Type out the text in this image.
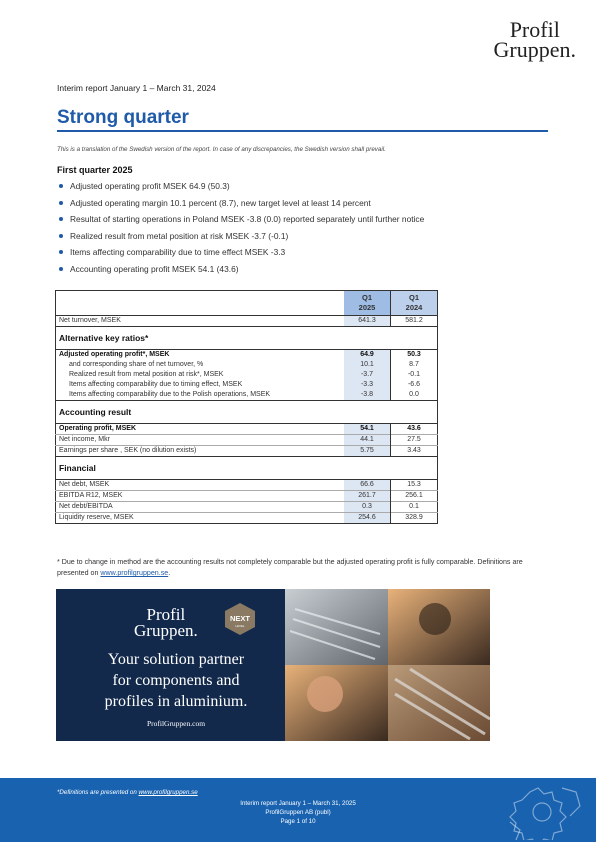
Profil
Gruppen.
Interim report January 1 – March 31, 2024
Strong quarter
This is a translation of the Swedish version of the report. In case of any discrepancies, the Swedish version shall prevail.
First quarter 2025
Adjusted operating profit MSEK 64.9 (50.3)
Adjusted operating margin 10.1 percent (8.7), new target level at least 14 percent
Resultat of starting operations in Poland MSEK -3.8 (0.0) reported separately until further notice
Realized result from metal position at risk MSEK -3.7 (-0.1)
Items affecting comparability due to time effect MSEK -3.3
Accounting operating profit MSEK 54.1 (43.6)
	Q1
2025	Q1
2024
Net turnover, MSEK	641.3	581.2
Alternative key ratios*		
Adjusted operating profit*, MSEK	64.9	50.3
and corresponding share of net turnover, %	10.1	8.7
Realized result from metal position at risk*, MSEK	-3.7	-0.1
Items affecting comparability due to timing effect, MSEK	-3.3	-6.6
Items affecting comparability due to the Polish operations, MSEK	-3.8	0.0
Accounting result		
Operating profit, MSEK	54.1	43.6
Net income, Mkr	44.1	27.5
Earnings per share , SEK (no dilution exists)	5.75	3.43
Financial		
Net debt, MSEK	66.6	15.3
EBITDA R12, MSEK	261.7	256.1
Net debt/EBITDA	0.3	0.1
Liquidity reserve, MSEK	254.6	328.9
* Due to change in method are the accounting results not completely comparable but the adjusted operating profit is fully comparable. Definitions are presented on www.profilgruppen.se.
Profil
Gruppen.
NEXT
LEVEL
Your solution partner
for components and
profiles in aluminium.
ProfilGruppen.com
*Definitions are presented on www.profilgruppen.se
Interim report January 1 – March 31, 2025
ProfilGruppen AB (publ)
Page 1 of 10
